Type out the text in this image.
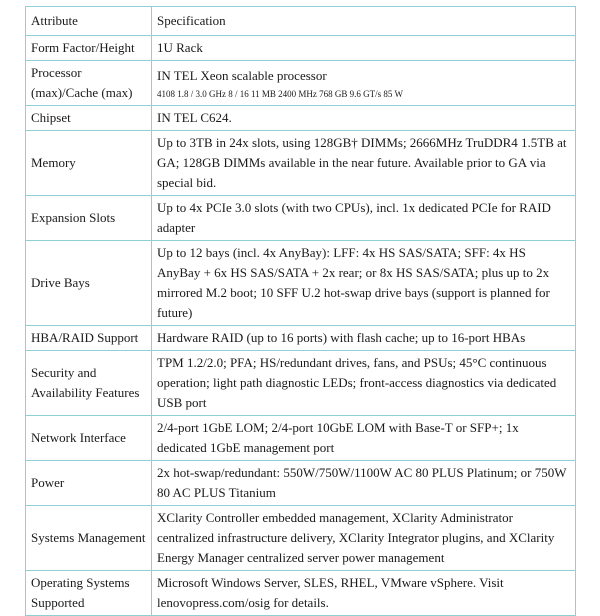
Attribute	Specification
Form Factor/Height	1U Rack
Processor (max)/Cache (max)	IN TEL Xeon scalable processor
4108 1.8 / 3.0 GHz 8 / 16 11 MB 2400 MHz 768 GB 9.6 GT/s 85 W

Chipset	IN TEL C624.
Memory	Up to 3TB in 24x slots, using 128GB† DIMMs; 2666MHz TruDDR4 1.5TB at GA; 128GB DIMMs available in the near future. Available prior to GA via special bid.
Expansion Slots	Up to 4x PCIe 3.0 slots (with two CPUs), incl. 1x dedicated PCIe for RAID adapter
Drive Bays	Up to 12 bays (incl. 4x AnyBay): LFF: 4x HS SAS/SATA; SFF: 4x HS AnyBay + 6x HS SAS/SATA + 2x rear; or 8x HS SAS/SATA; plus up to 2x mirrored M.2 boot; 10 SFF U.2 hot-swap drive bays (support is planned for future)
HBA/RAID Support	Hardware RAID (up to 16 ports) with flash cache; up to 16-port HBAs
Security and Availability Features	TPM 1.2/2.0; PFA; HS/redundant drives, fans, and PSUs; 45°C continuous operation; light path diagnostic LEDs; front-access diagnostics via dedicated USB port
Network Interface	2/4-port 1GbE LOM; 2/4-port 10GbE LOM with Base-T or SFP+; 1x dedicated 1GbE management port
Power	2x hot-swap/redundant: 550W/750W/1100W AC 80 PLUS Platinum; or 750W 80 AC PLUS Titanium
Systems Management	XClarity Controller embedded management, XClarity Administrator centralized infrastructure delivery, XClarity Integrator plugins, and XClarity Energy Manager centralized server power management
Operating Systems Supported	Microsoft Windows Server, SLES, RHEL, VMware vSphere. Visit lenovopress.com/osig for details.
